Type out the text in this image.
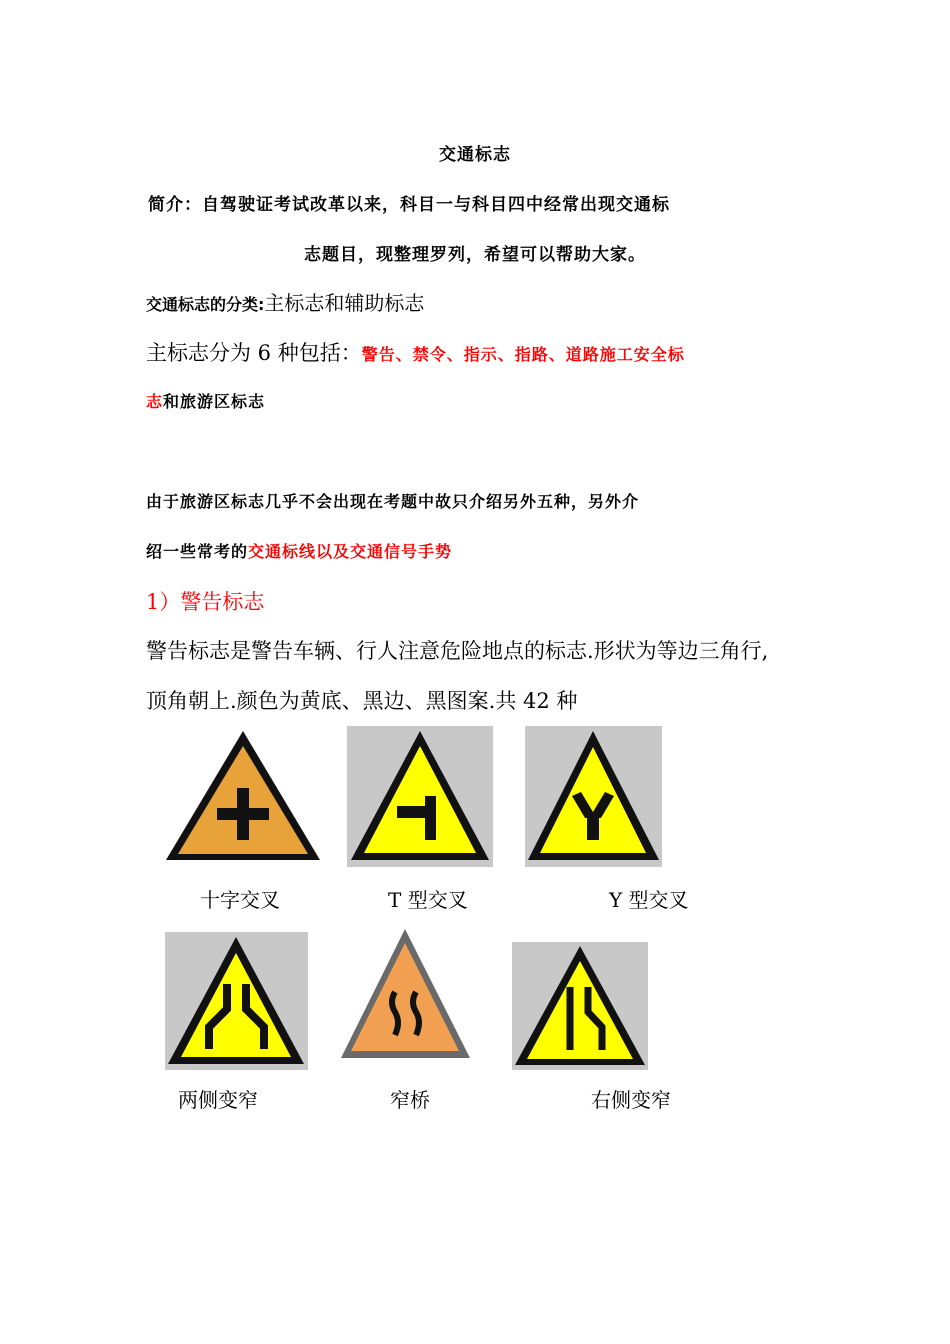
交通标志
简介：自驾驶证考试改革以来，科目一与科目四中经常出现交通标
志题目，现整理罗列，希望可以帮助大家。
交通标志的分类:主标志和辅助标志
主标志分为 6 种包括：警告、禁令、指示、指路、道路施工安全标
志和旅游区标志
由于旅游区标志几乎不会出现在考题中故只介绍另外五种，另外介
绍一些常考的交通标线以及交通信号手势
1）警告标志
警告标志是警告车辆、行人注意危险地点的标志.形状为等边三角行,
顶角朝上.颜色为黄底、黑边、黑图案.共 42 种
十字交叉	T 型交叉	Y 型交叉
两侧变窄	窄桥	右侧变窄
